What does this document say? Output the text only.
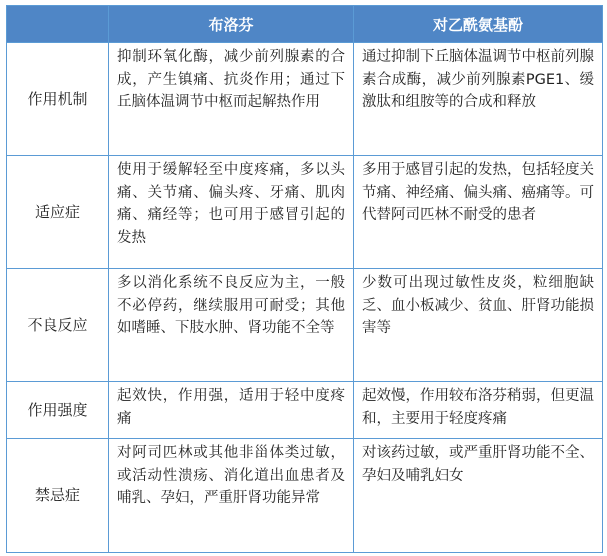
	布洛芬	对乙酰氨基酚
作用机制	抑制环氧化酶，减少前列腺素的合成，产生镇痛、抗炎作用；通过下丘脑体温调节中枢而起解热作用	通过抑制下丘脑体温调节中枢前列腺素合成酶，减少前列腺素PGE1、缓激肽和组胺等的合成和释放
适应症	使用于缓解轻至中度疼痛，多以头痛、关节痛、偏头疼、牙痛、肌肉痛、痛经等；也可用于感冒引起的发热	多用于感冒引起的发热，包括轻度关节痛、神经痛、偏头痛、癌痛等。可代替阿司匹林不耐受的患者
不良反应	多以消化系统不良反应为主，一般不必停药，继续服用可耐受；其他如嗜睡、下肢水肿、肾功能不全等	少数可出现过敏性皮炎，粒细胞缺乏、血小板减少、贫血、肝肾功能损害等
作用强度	起效快，作用强，适用于轻中度疼痛	起效慢，作用较布洛芬稍弱，但更温和，主要用于轻度疼痛
禁忌症	对阿司匹林或其他非甾体类过敏，或活动性溃疡、消化道出血患者及哺乳、孕妇，严重肝肾功能异常	对该药过敏，或严重肝肾功能不全、孕妇及哺乳妇女
